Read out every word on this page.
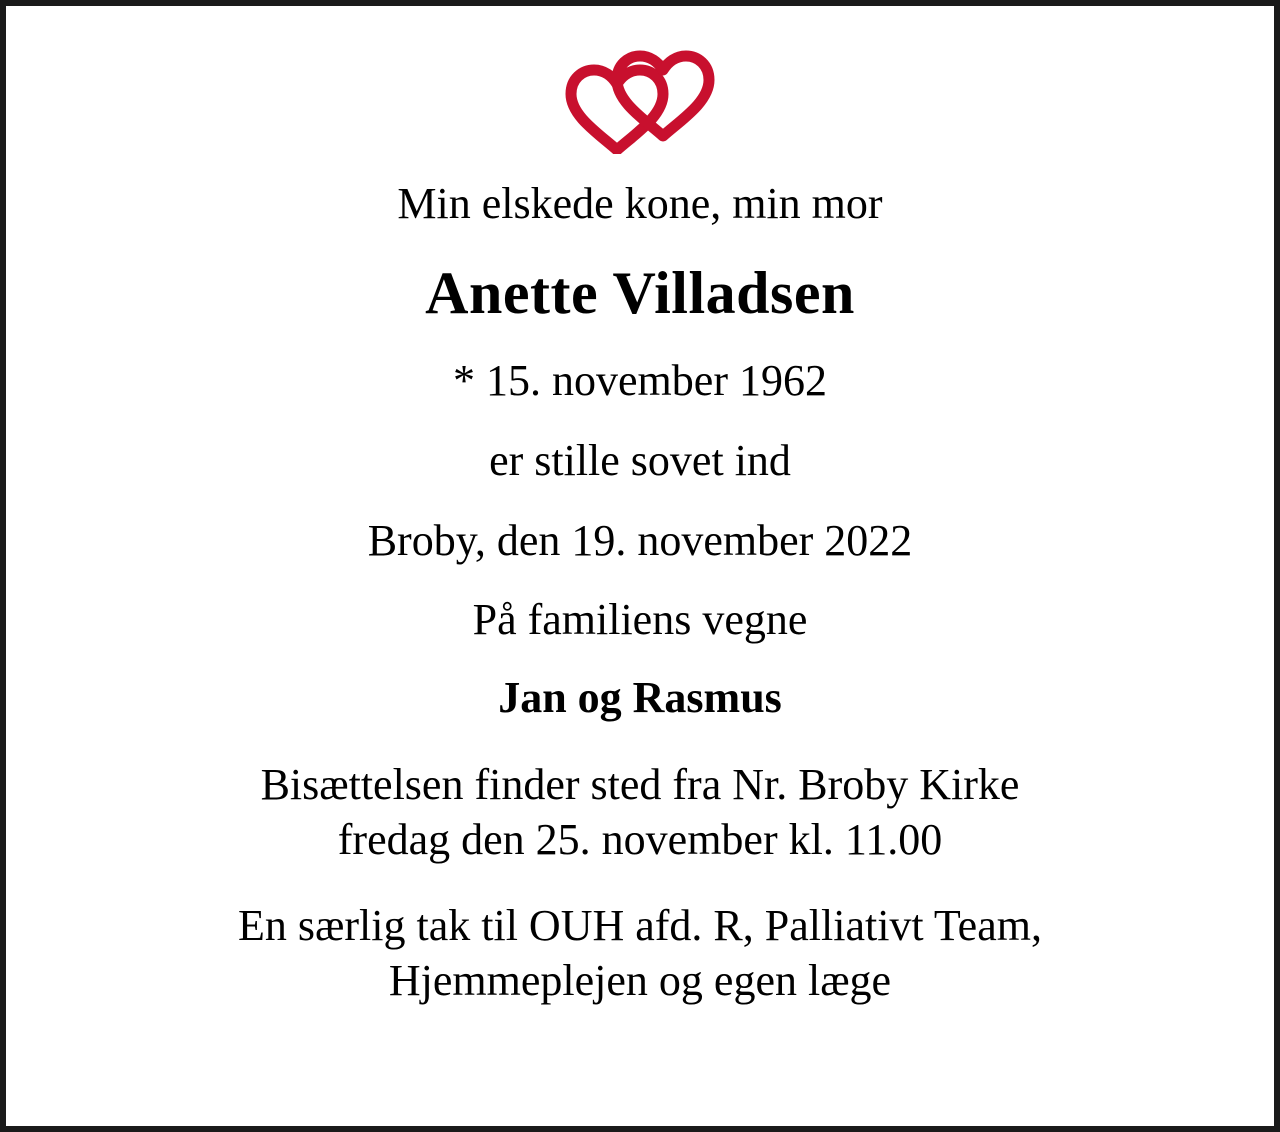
Min elskede kone, min mor
Anette Villadsen
* 15. november 1962
er stille sovet ind
Broby, den 19. november 2022
På familiens vegne
Jan og Rasmus
Bisættelsen finder sted fra Nr. Broby Kirke
fredag den 25. november kl. 11.00
En særlig tak til OUH afd. R, Palliativt Team,
Hjemmeplejen og egen læge
